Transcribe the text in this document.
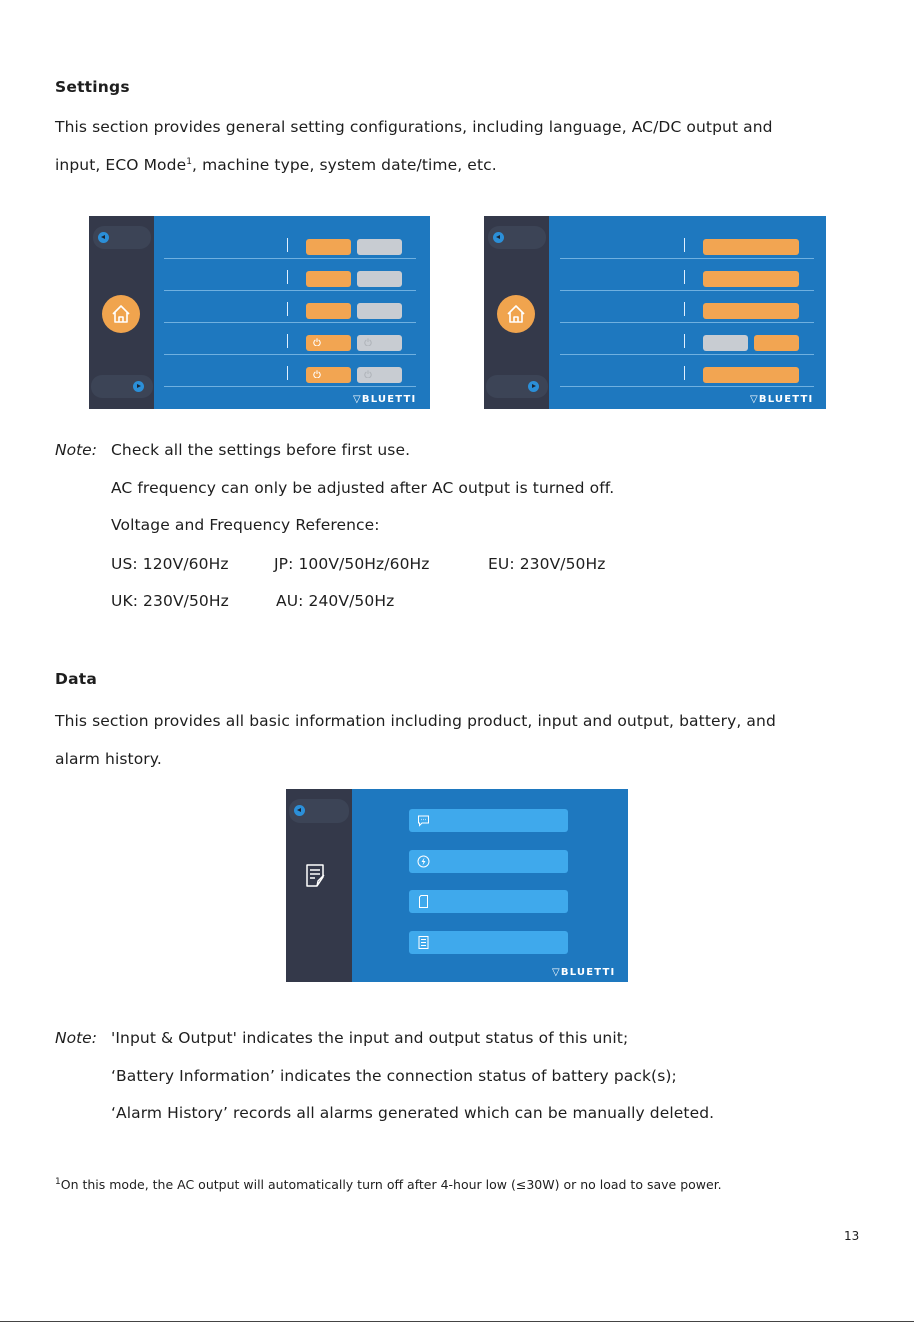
Settings
This section provides general setting configurations, including language, AC/DC output and
input, ECO Mode$^1$, machine type, system date/time, etc.
▽BLUETTI	▽BLUETTI
Note: Check all the settings before first use.
AC frequency can only be adjusted after AC output is turned off.
Voltage and Frequency Reference:
US: 120V/60Hz	JP: 100V/50Hz/60Hz	EU: 230V/50Hz
UK: 230V/50Hz	AU: 240V/50Hz
Data
This section provides all basic information including product, input and output, battery, and
alarm history.
▽BLUETTI
Note: 'Input & Output' indicates the input and output status of this unit;
‘Battery Information’ indicates the connection status of battery pack(s);
‘Alarm History’ records all alarms generated which can be manually deleted.
$^1$On this mode, the AC output will automatically turn off after 4-hour low (≤30W) or no load to save power.
13
